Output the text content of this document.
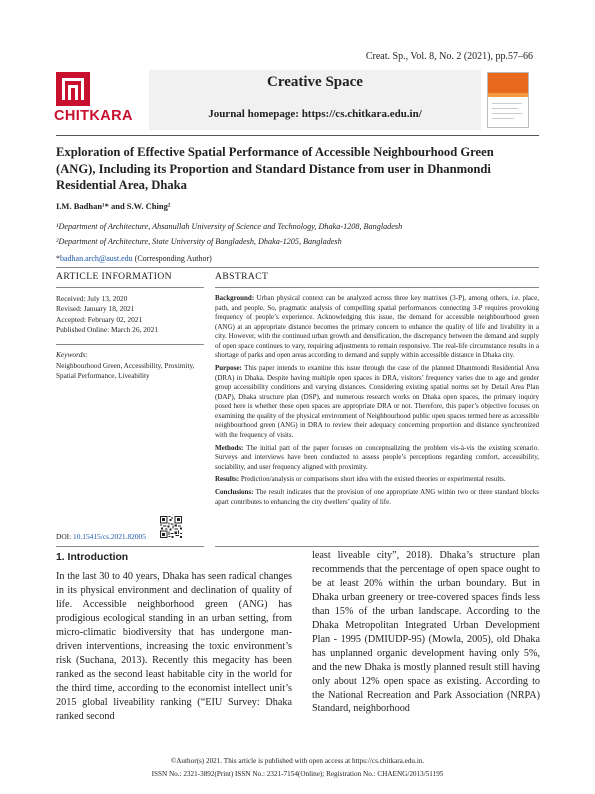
Creat. Sp., Vol. 8, No. 2 (2021), pp.57–66
CHITKARA
Creative Space
Journal homepage: https://cs.chitkara.edu.in/
Exploration of Effective Spatial Performance of Accessible Neighbourhood Green (ANG), Including its Proportion and Standard Distance from user in Dhanmondi Residential Area, Dhaka
I.M. Badhan¹* and S.W. Ching²
¹Department of Architecture, Ahsanullah University of Science and Technology, Dhaka-1208, Bangladesh
²Department of Architecture, State University of Bangladesh, Dhaka-1205, Bangladesh
*badhan.arch@aust.edu (Corresponding Author)
ARTICLE INFORMATION	ABSTRACT
Received: July 13, 2020
Revised: January 18, 2021
Accepted: February 02, 2021
Published Online: March 26, 2021
Keywords:
Neighbourhood Green, Accessibility, Proximity, Spatial Performance, Liveability
DOI: 10.15415/cs.2021.82005

Background: Urban physical context can be analyzed across three key matrixes (3-P), among others, i.e. place, path, and people. So, pragmatic analysis of compelling spatial performances connecting 3-P requires provoking frequency of people’s experience. Acknowledging this issue, the demand for accessible neighbourhood green (ANG) at an appropriate distance becomes the primary concern to enhance the quality of life and livability in a city. However, with the continued urban growth and densification, the discrepancy between the demand and supply of open space continues to vary, requiring adjustments to remain responsive. The real-life circumstance results in a shortage of parks and open areas according to demand and supply within accessible distance in Dhaka city.

Purpose: This paper intends to examine this issue through the case of the planned Dhanmondi Residential Area (DRA) in Dhaka. Despite having multiple open spaces in DRA, visitors’ frequency varies due to age and gender group accessibility conditions and varying distances. Considering existing spatial norms set by Detail Area Plan (DAP), Dhaka structure plan (DSP), and numerous research works on Dhaka open spaces, the primary inquiry posed here is whether these open spaces are appropriate DRA or not. Therefore, this paper’s objective focuses on examining the quality of the physical environment of Neighbourhood public open spaces termed here as accessible neighbourhood green (ANG) in DRA to review their adequacy concerning proportion and distance synchronized with the frequency of visits.

Methods: The initial part of the paper focuses on conceptualizing the problem vis-à-vis the existing scenario. Surveys and interviews have been conducted to assess people’s perceptions regarding comfort, accessibility, sociability, and user frequency aligned with proximity.

Results: Prediction/analysis or comparisons short idea with the existed theories or experimental results.

Conclusions: The result indicates that the provision of one appropriate ANG within two or three standard blocks apart contributes to enhancing the city dwellers’ quality of life.

1. Introduction
In the last 30 to 40 years, Dhaka has seen radical changes in its physical environment and declination of quality of life. Accessible neighborhood green (ANG) has prodigious ecological standing in an urban setting, from micro-climatic biodiversity that has undergone man-driven interventions, increasing the toxic environment’s risk (Suchana, 2013). Recently this megacity has been ranked as the second least habitable city in the world for the third time, according to the economist intellect unit’s 2015 global liveability ranking (“EIU Survey: Dhaka ranked second
least liveable city”, 2018). Dhaka’s structure plan recommends that the percentage of open space ought to be at least 20% within the urban boundary. But in Dhaka urban greenery or tree-covered spaces finds less than 15% of the urban landscape. According to the Dhaka Metropolitan Integrated Urban Development Plan - 1995 (DMIUDP-95) (Mowla, 2005), old Dhaka has unplanned organic development having only 5%, and the new Dhaka is mostly planned result still having only about 12% open space as existing. According to the National Recreation and Park Association (NRPA) Standard, neighborhood
©Author(s) 2021. This article is published with open access at https://cs.chitkara.edu.in.
ISSN No.: 2321-3892(Print) ISSN No.: 2321-7154(Online); Registration No.: CHAENG/2013/51195
